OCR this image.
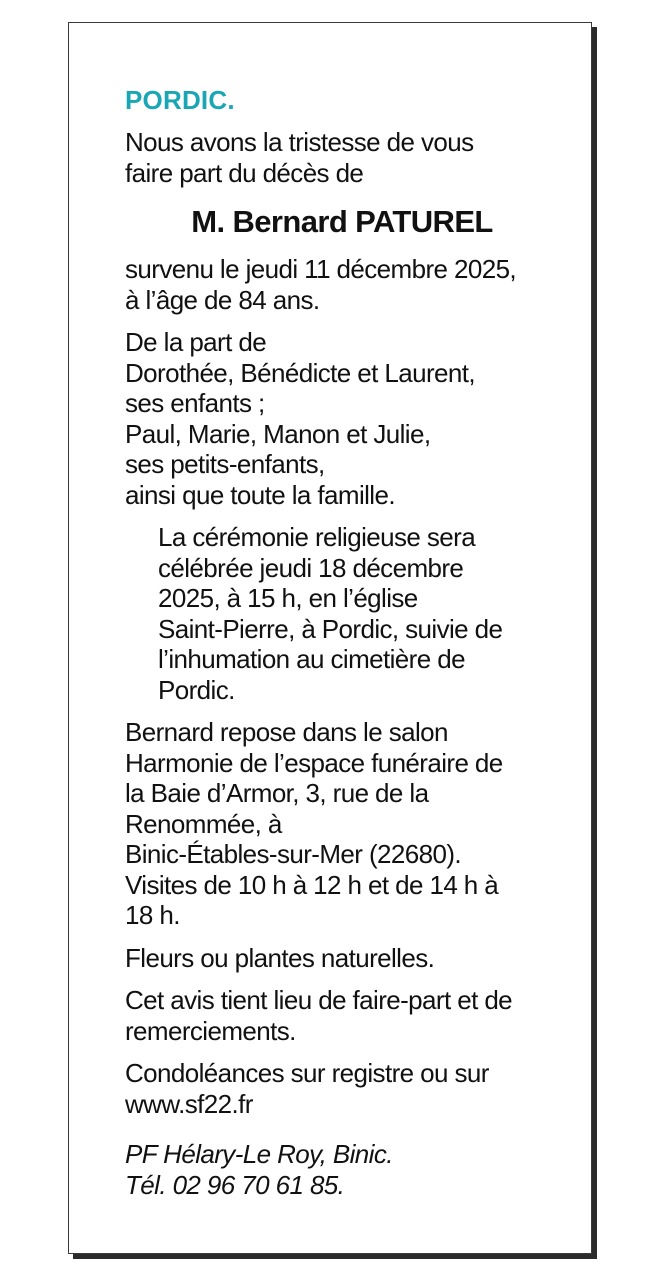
PORDIC.

Nous avons la tristesse de vous
faire part du décès de

M. Bernard PATUREL

survenu le jeudi 11 décembre 2025,
à l’âge de 84 ans.

De la part de
Dorothée, Bénédicte et Laurent,
ses enfants ;
Paul, Marie, Manon et Julie,
ses petits-enfants,
ainsi que toute la famille.

La cérémonie religieuse sera
célébrée jeudi 18 décembre
2025, à 15 h, en l’église
Saint-Pierre, à Pordic, suivie de
l’inhumation au cimetière de
Pordic.

Bernard repose dans le salon
Harmonie de l’espace funéraire de
la Baie d’Armor, 3, rue de la
Renommée, à
Binic-Étables-sur-Mer (22680).
Visites de 10 h à 12 h et de 14 h à
18 h.

Fleurs ou plantes naturelles.

Cet avis tient lieu de faire-part et de
remerciements.

Condoléances sur registre ou sur
www.sf22.fr

PF Hélary-Le Roy, Binic.
Tél. 02 96 70 61 85.
